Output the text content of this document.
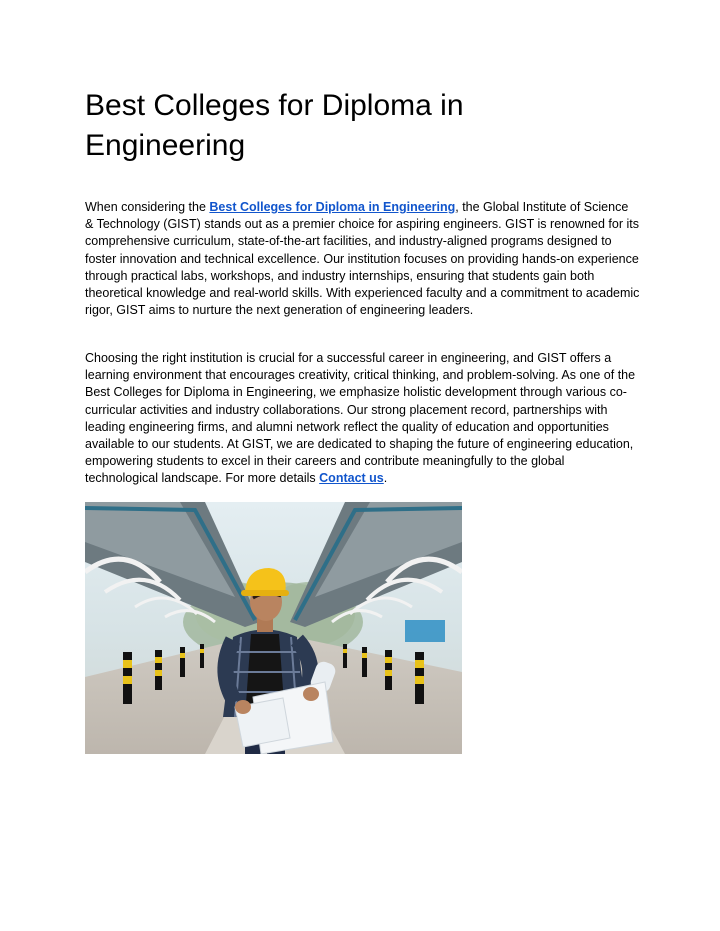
Best Colleges for Diploma in Engineering

When considering the Best Colleges for Diploma in Engineering, the Global Institute of Science & Technology (GIST) stands out as a premier choice for aspiring engineers. GIST is renowned for its comprehensive curriculum, state-of-the-art facilities, and industry-aligned programs designed to foster innovation and technical excellence. Our institution focuses on providing hands-on experience through practical labs, workshops, and industry internships, ensuring that students gain both theoretical knowledge and real-world skills. With experienced faculty and a commitment to academic rigor, GIST aims to nurture the next generation of engineering leaders.

Choosing the right institution is crucial for a successful career in engineering, and GIST offers a learning environment that encourages creativity, critical thinking, and problem-solving. As one of the Best Colleges for Diploma in Engineering, we emphasize holistic development through various co-curricular activities and industry collaborations. Our strong placement record, partnerships with leading engineering firms, and alumni network reflect the quality of education and opportunities available to our students. At GIST, we are dedicated to shaping the future of engineering education, empowering students to excel in their careers and contribute meaningfully to the global technological landscape. For more details Contact us.
